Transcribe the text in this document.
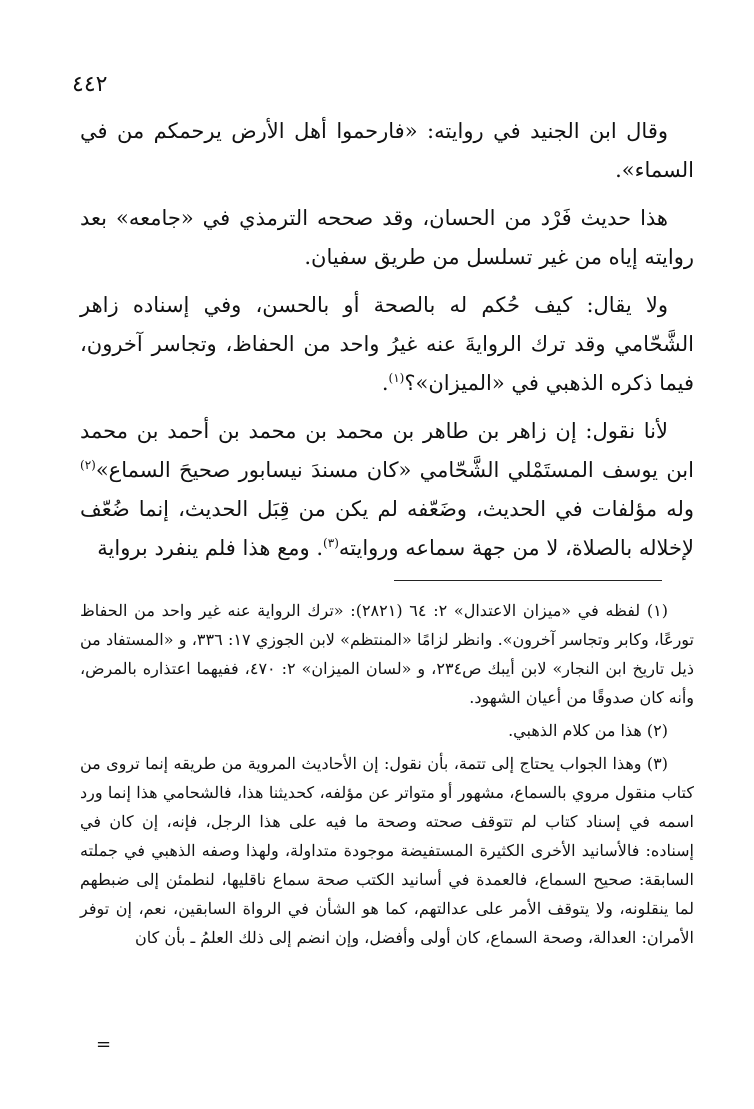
٤٤٢

وقال ابن الجنيد في روايته: «فارحموا أهل الأرض يرحمكم من في السماء».

هذا حديث فَرْد من الحسان، وقد صححه الترمذي في «جامعه» بعد روايته إياه من غير تسلسل من طريق سفيان.

ولا يقال: كيف حُكم له بالصحة أو بالحسن، وفي إسناده زاهر الشَّحّامي وقد ترك الروايةَ عنه غيرُ واحد من الحفاظ، وتجاسر آخرون، فيما ذكره الذهبي في «الميزان»؟$^{(١)}$.

لأنا نقول: إن زاهر بن طاهر بن محمد بن محمد بن أحمد بن محمد ابن يوسف المستَمْلي الشَّحّامي «كان مسندَ نيسابور صحيحَ السماع»$^{(٢)}$ وله مؤلفات في الحديث، وضَعّفه لم يكن من قِبَل الحديث، إنما ضُعّف لإخلاله بالصلاة، لا من جهة سماعه وروايته$^{(٣)}$. ومع هذا فلم ينفرد برواية

(١) لفظه في «ميزان الاعتدال» ٢: ٦٤ (٢٨٢١): «ترك الرواية عنه غير واحد من الحفاظ تورعًا، وكابر وتجاسر آخرون». وانظر لزامًا «المنتظم» لابن الجوزي ١٧: ٣٣٦، و «المستفاد من ذيل تاريخ ابن النجار» لابن أيبك ص٢٣٤، و «لسان الميزان» ٢: ٤٧٠، ففيهما اعتذاره بالمرض، وأنه كان صدوقًا من أعيان الشهود.

(٢) هذا من كلام الذهبي.

(٣) وهذا الجواب يحتاج إلى تتمة، بأن نقول: إن الأحاديث المروية من طريقه إنما تروى من كتاب منقول مروي بالسماع، مشهور أو متواتر عن مؤلفه، كحديثنا هذا، فالشحامي هذا إنما ورد اسمه في إسناد كتاب لم تتوقف صحته وصحة ما فيه على هذا الرجل، فإنه، إن كان في إسناده: فالأسانيد الأخرى الكثيرة المستفيضة موجودة متداولة، ولهذا وصفه الذهبي في جملته السابقة: صحيح السماع، فالعمدة في أسانيد الكتب صحة سماع ناقليها، لنطمئن إلى ضبطهم لما ينقلونه، ولا يتوقف الأمر على عدالتهم، كما هو الشأن في الرواة السابقين، نعم، إن توفر الأمران: العدالة، وصحة السماع، كان أولى وأفضل، وإن انضم إلى ذلك العلمُ ـ بأن كان

=
